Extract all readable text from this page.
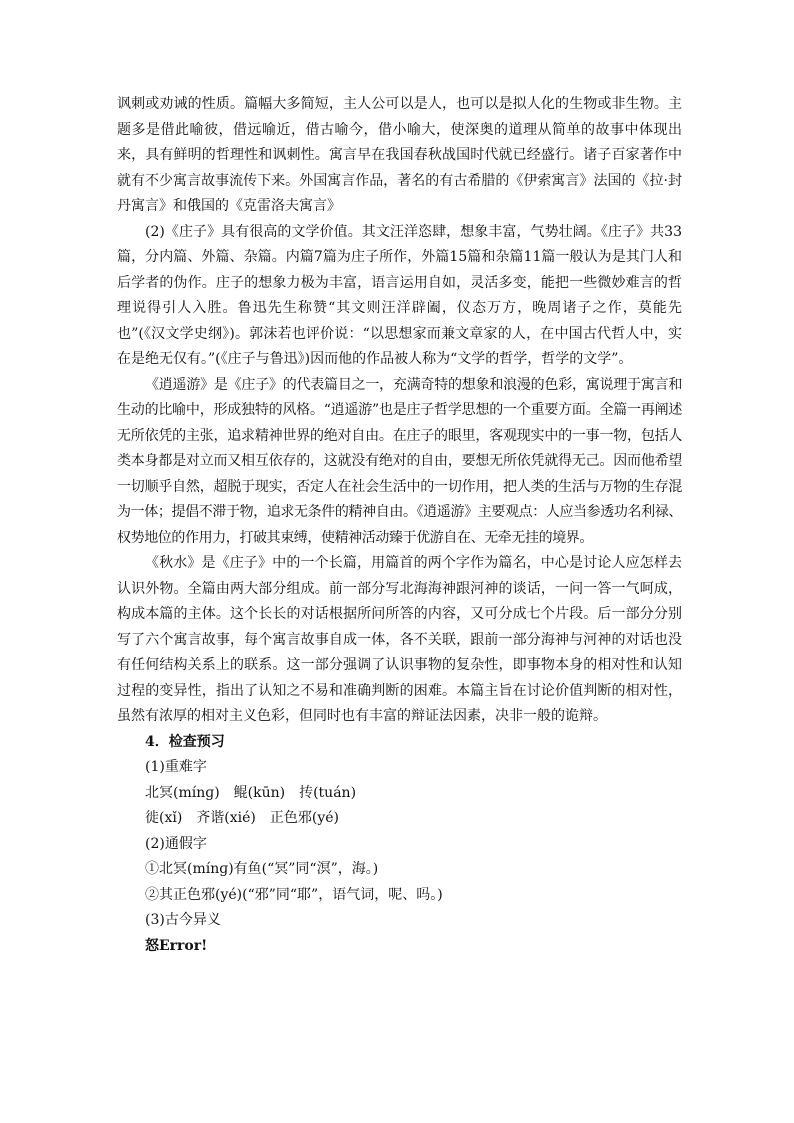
讽刺或劝诫的性质。篇幅大多简短，主人公可以是人，也可以是拟人化的生物或非生物。主题多是借此喻彼，借远喻近，借古喻今，借小喻大，使深奥的道理从简单的故事中体现出来，具有鲜明的哲理性和讽刺性。寓言早在我国春秋战国时代就已经盛行。诸子百家著作中就有不少寓言故事流传下来。外国寓言作品，著名的有古希腊的《伊索寓言》法国的《拉·封丹寓言》和俄国的《克雷洛夫寓言》

(2)《庄子》具有很高的文学价值。其文汪洋恣肆，想象丰富，气势壮阔。《庄子》共33篇，分内篇、外篇、杂篇。内篇7篇为庄子所作，外篇15篇和杂篇11篇一般认为是其门人和后学者的伪作。庄子的想象力极为丰富，语言运用自如，灵活多变，能把一些微妙难言的哲理说得引人入胜。鲁迅先生称赞“其文则汪洋辟阖，仪态万方，晚周诸子之作，莫能先也”(《汉文学史纲》)。郭沫若也评价说：“以思想家而兼文章家的人，在中国古代哲人中，实在是绝无仅有。”(《庄子与鲁迅》)因而他的作品被人称为“文学的哲学，哲学的文学”。

《逍遥游》是《庄子》的代表篇目之一，充满奇特的想象和浪漫的色彩，寓说理于寓言和生动的比喻中，形成独特的风格。“逍遥游”也是庄子哲学思想的一个重要方面。全篇一再阐述无所依凭的主张，追求精神世界的绝对自由。在庄子的眼里，客观现实中的一事一物，包括人类本身都是对立而又相互依存的，这就没有绝对的自由，要想无所依凭就得无己。因而他希望一切顺乎自然，超脱于现实，否定人在社会生活中的一切作用，把人类的生活与万物的生存混为一体；提倡不滞于物，追求无条件的精神自由。《逍遥游》主要观点：人应当参透功名利禄、权势地位的作用力，打破其束缚，使精神活动臻于优游自在、无牵无挂的境界。

《秋水》是《庄子》中的一个长篇，用篇首的两个字作为篇名，中心是讨论人应怎样去认识外物。全篇由两大部分组成。前一部分写北海海神跟河神的谈话，一问一答一气呵成，构成本篇的主体。这个长长的对话根据所问所答的内容，又可分成七个片段。后一部分分别写了六个寓言故事，每个寓言故事自成一体，各不关联，跟前一部分海神与河神的对话也没有任何结构关系上的联系。这一部分强调了认识事物的复杂性，即事物本身的相对性和认知过程的变异性，指出了认知之不易和准确判断的困难。本篇主旨在讨论价值判断的相对性，虽然有浓厚的相对主义色彩，但同时也有丰富的辩证法因素，决非一般的诡辩。

4．检查预习

(1)重难字

北冥(mínɡ)　鲲(kūn)　抟(tuán)

徙(xǐ)　齐谐(xié)　正色邪(yé)

(2)通假字

①北冥(mínɡ)有鱼(“冥”同“溟”，海。)

②其正色邪(yé)(“邪”同“耶”，语气词，呢、吗。)

(3)古今异义

怒Error!
